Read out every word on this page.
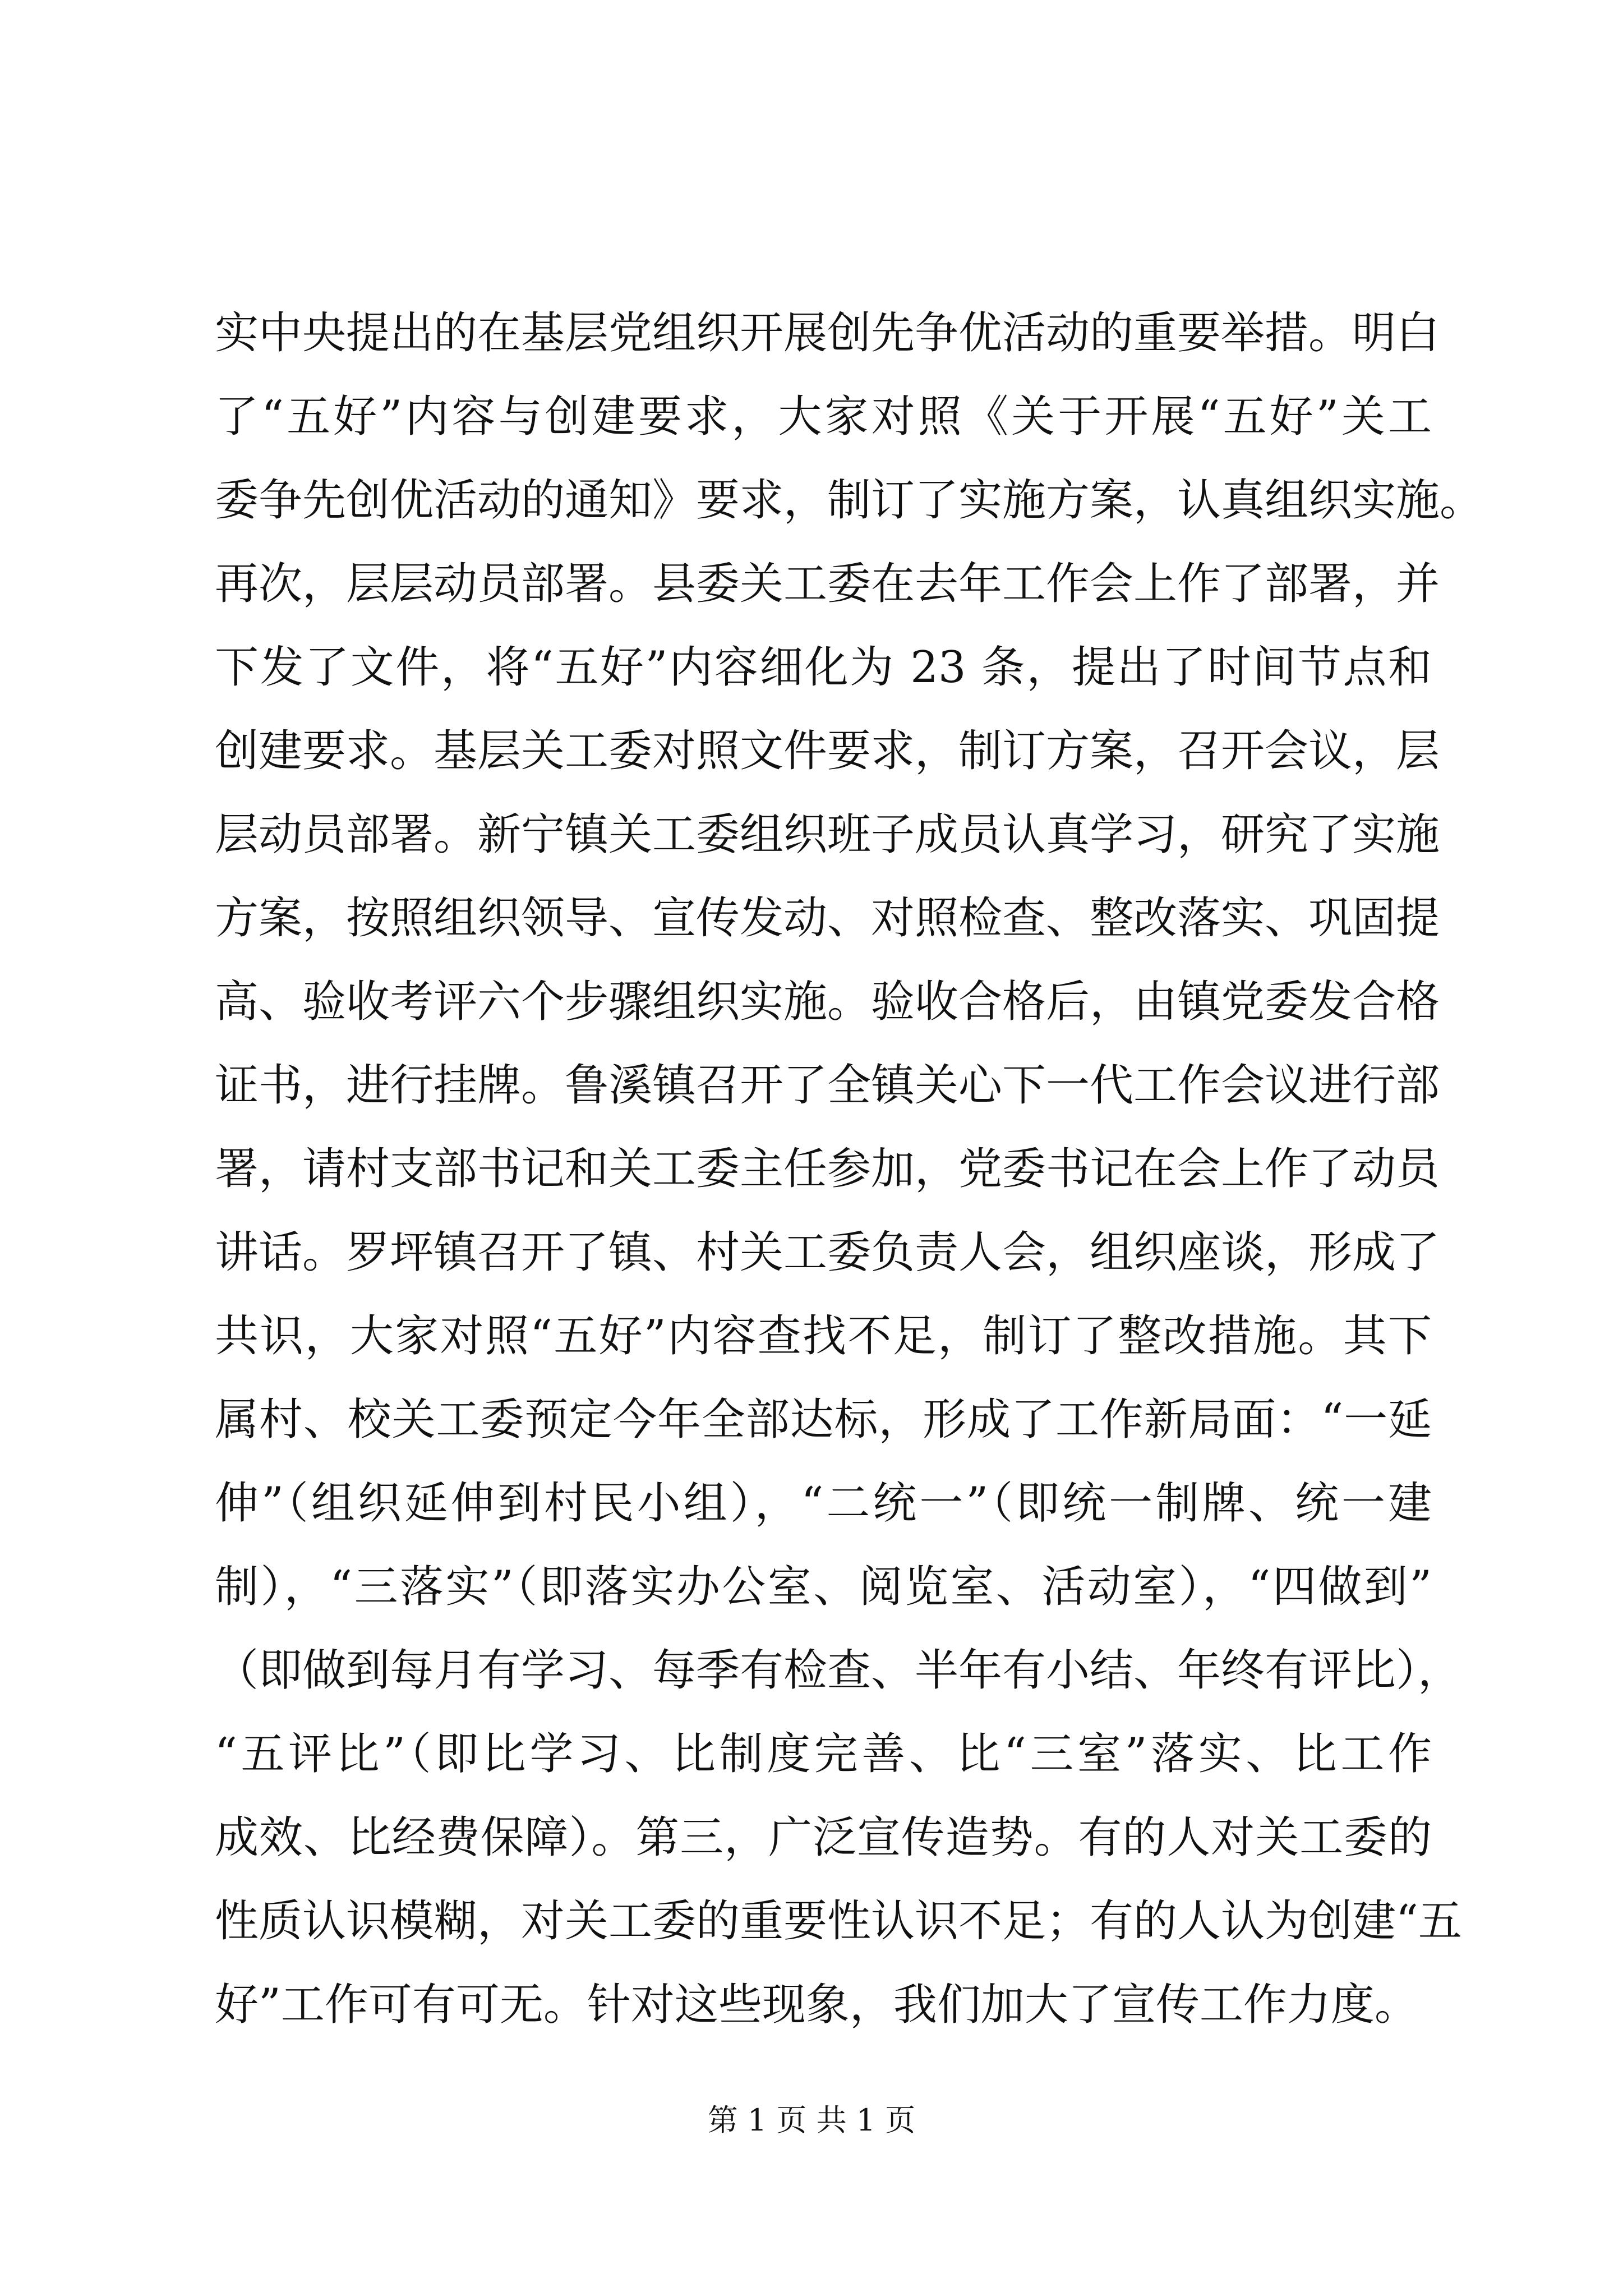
实中央提出的在基层党组织开展创先争优活动的重要举措。明白
了“五好”内容与创建要求，大家对照《关于开展“五好”关工
委争先创优活动的通知》要求，制订了实施方案，认真组织实施。
再次，层层动员部署。县委关工委在去年工作会上作了部署，并
下发了文件，将“五好”内容细化为 23 条，提出了时间节点和
创建要求。基层关工委对照文件要求，制订方案，召开会议，层
层动员部署。新宁镇关工委组织班子成员认真学习，研究了实施
方案，按照组织领导、宣传发动、对照检查、整改落实、巩固提
高、验收考评六个步骤组织实施。验收合格后，由镇党委发合格
证书，进行挂牌。鲁溪镇召开了全镇关心下一代工作会议进行部
署，请村支部书记和关工委主任参加，党委书记在会上作了动员
讲话。罗坪镇召开了镇、村关工委负责人会，组织座谈，形成了
共识，大家对照“五好”内容查找不足，制订了整改措施。其下
属村、校关工委预定今年全部达标，形成了工作新局面：“一延
伸”（组织延伸到村民小组），“二统一”（即统一制牌、统一建
制），“三落实”（即落实办公室、阅览室、活动室），“四做到”
（即做到每月有学习、每季有检查、半年有小结、年终有评比），
“五评比”（即比学习、比制度完善、比“三室”落实、比工作
成效、比经费保障）。第三，广泛宣传造势。有的人对关工委的
性质认识模糊，对关工委的重要性认识不足；有的人认为创建“五
好”工作可有可无。针对这些现象，我们加大了宣传工作力度。
第 1 页 共 1 页
